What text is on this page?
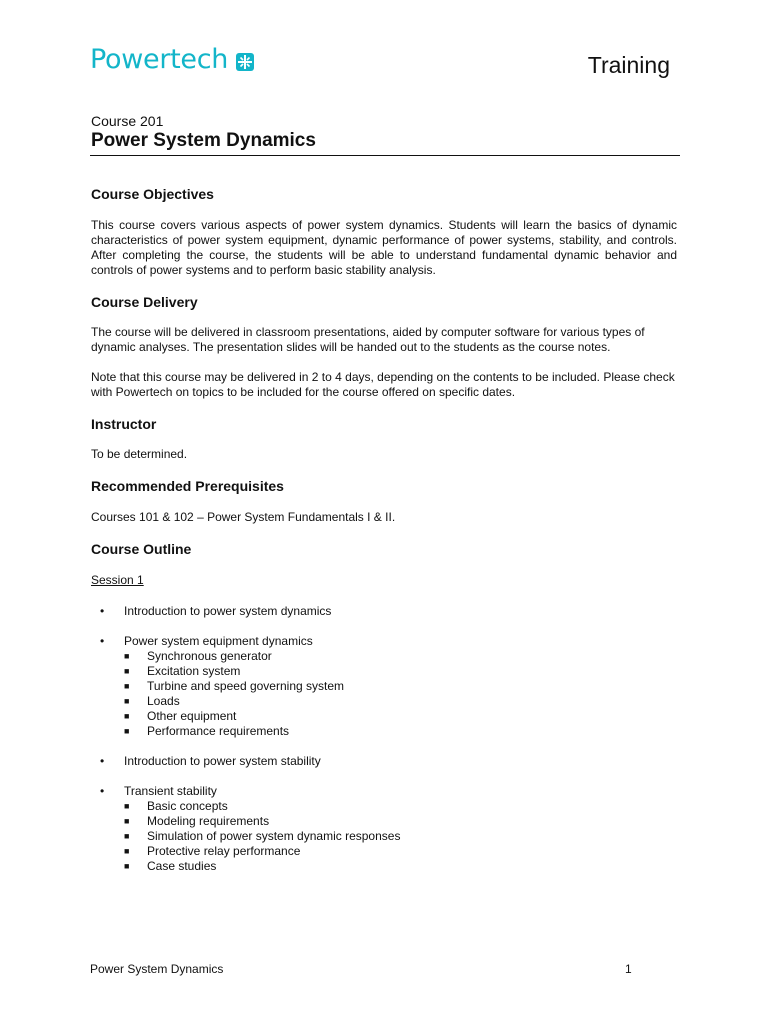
Powertech	Training
Course 201
Power System Dynamics
Course Objectives

This course covers various aspects of power system dynamics. Students will learn the basics of dynamic characteristics of power system equipment, dynamic performance of power systems, stability, and controls. After completing the course, the students will be able to understand fundamental dynamic behavior and controls of power systems and to perform basic stability analysis.

Course Delivery

The course will be delivered in classroom presentations, aided by computer software for various types of dynamic analyses. The presentation slides will be handed out to the students as the course notes.

Note that this course may be delivered in 2 to 4 days, depending on the contents to be included. Please check with Powertech on topics to be included for the course offered on specific dates.

Instructor

To be determined.

Recommended Prerequisites

Courses 101 & 102 – Power System Fundamentals I & II.

Course Outline
Session 1
• Introduction to power system dynamics
• Power system equipment dynamics
■ Synchronous generator
■ Excitation system
■ Turbine and speed governing system
■ Loads
■ Other equipment
■ Performance requirements
• Introduction to power system stability
• Transient stability
■ Basic concepts
■ Modeling requirements
■ Simulation of power system dynamic responses
■ Protective relay performance
■ Case studies
Power System Dynamics	1
